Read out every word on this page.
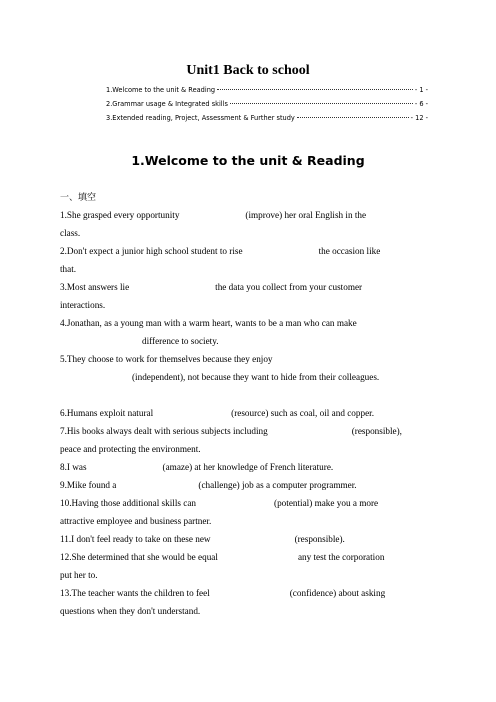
Unit1 Back to school
1.Welcome to the unit & Reading	- 1 -
2.Grammar usage & Integrated skills	- 6 -
3.Extended reading, Project, Assessment & Further study	- 12 -
1.Welcome to the unit & Reading
一、填空
1.She grasped every opportunity	(improve) her oral English in the
class.
2.Don't expect a junior high school student to rise	the occasion like
that.
3.Most answers lie	the data you collect from your customer
interactions.
4.Jonathan, as a young man with a warm heart, wants to be a man who can make
difference to society.
5.They choose to work for themselves because they enjoy
(independent), not because they want to hide from their colleagues.
6.Humans exploit natural	(resource) such as coal, oil and copper.
7.His books always dealt with serious subjects including	(responsible),
peace and protecting the environment.
8.I was	(amaze) at her knowledge of French literature.
9.Mike found a	(challenge) job as a computer programmer.
10.Having those additional skills can	(potential) make you a more
attractive employee and business partner.
11.I don't feel ready to take on these new	(responsible).
12.She determined that she would be equal	any test the corporation
put her to.
13.The teacher wants the children to feel	(confidence) about asking
questions when they don't understand.
